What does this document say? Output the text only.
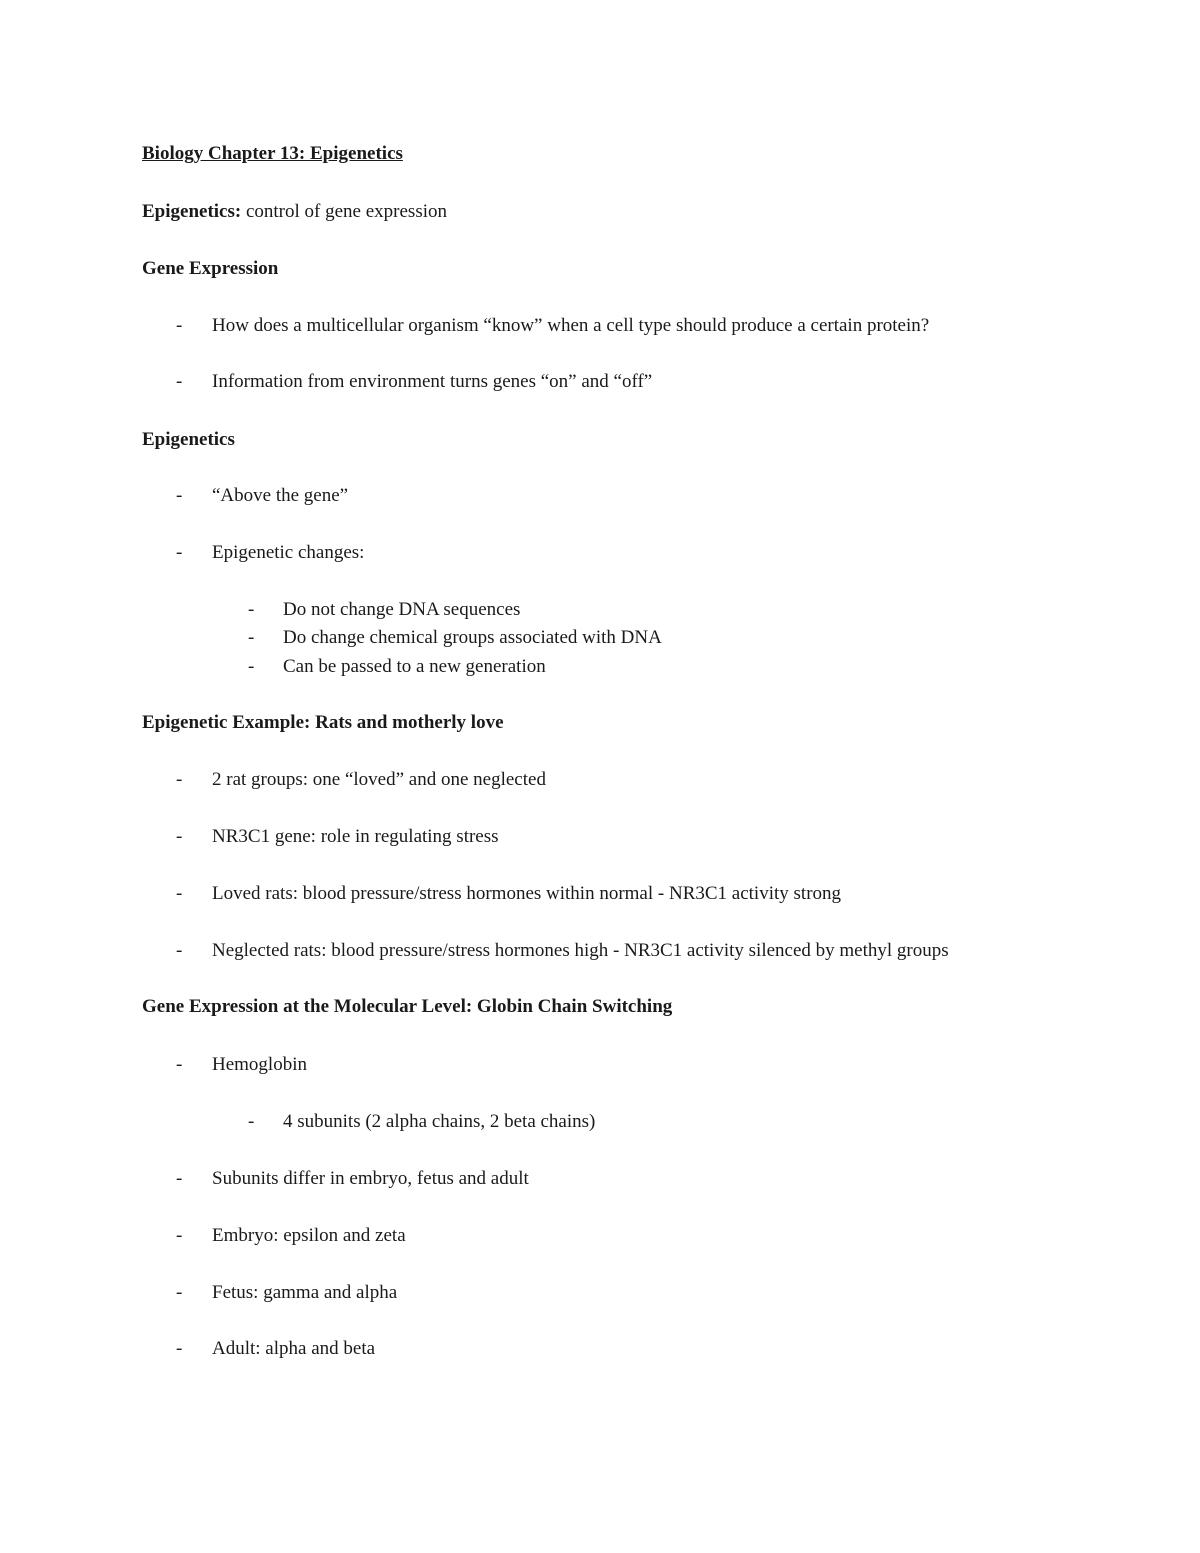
Biology Chapter 13: Epigenetics
Epigenetics: control of gene expression
Gene Expression
- How does a multicellular organism “know” when a cell type should produce a certain protein?
- Information from environment turns genes “on” and “off”
Epigenetics
- “Above the gene”
- Epigenetic changes:
- Do not change DNA sequences
- Do change chemical groups associated with DNA
- Can be passed to a new generation
Epigenetic Example: Rats and motherly love
- 2 rat groups: one “loved” and one neglected
- NR3C1 gene: role in regulating stress
- Loved rats: blood pressure/stress hormones within normal - NR3C1 activity strong
- Neglected rats: blood pressure/stress hormones high - NR3C1 activity silenced by methyl groups
Gene Expression at the Molecular Level: Globin Chain Switching
- Hemoglobin
- 4 subunits (2 alpha chains, 2 beta chains)
- Subunits differ in embryo, fetus and adult
- Embryo: epsilon and zeta
- Fetus: gamma and alpha
- Adult: alpha and beta
